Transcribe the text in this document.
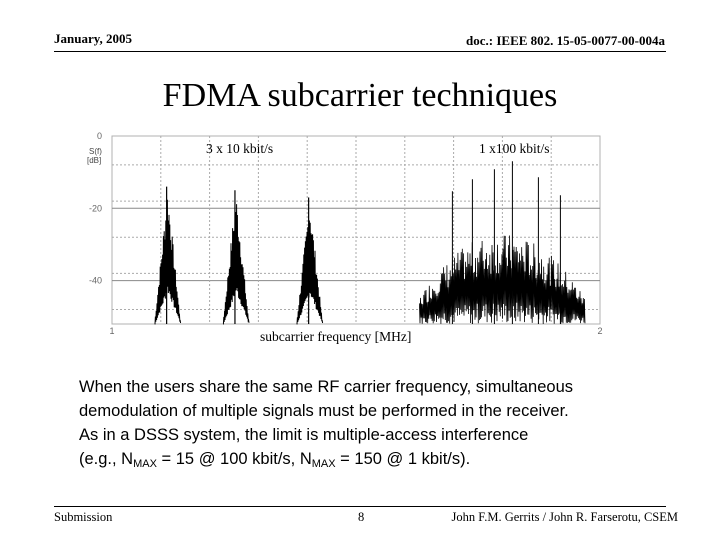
January, 2005	doc.: IEEE 802. 15-05-0077-00-004a
FDMA subcarrier techniques
0
-20
-40
1	2
S(f)
[dB]
3 x 10 kbit/s	1 x100 kbit/s
subcarrier frequency [MHz]
When the users share the same RF carrier frequency, simultaneous
demodulation of multiple signals must be performed in the receiver.
As in a DSSS system, the limit is multiple-access interference
(e.g., $N_{MAX} = 15$ @ 100 kbit/s, $N_{MAX} = 150$ @ 1 kbit/s).
Submission	8	John F.M. Gerrits / John R. Farserotu, CSEM
